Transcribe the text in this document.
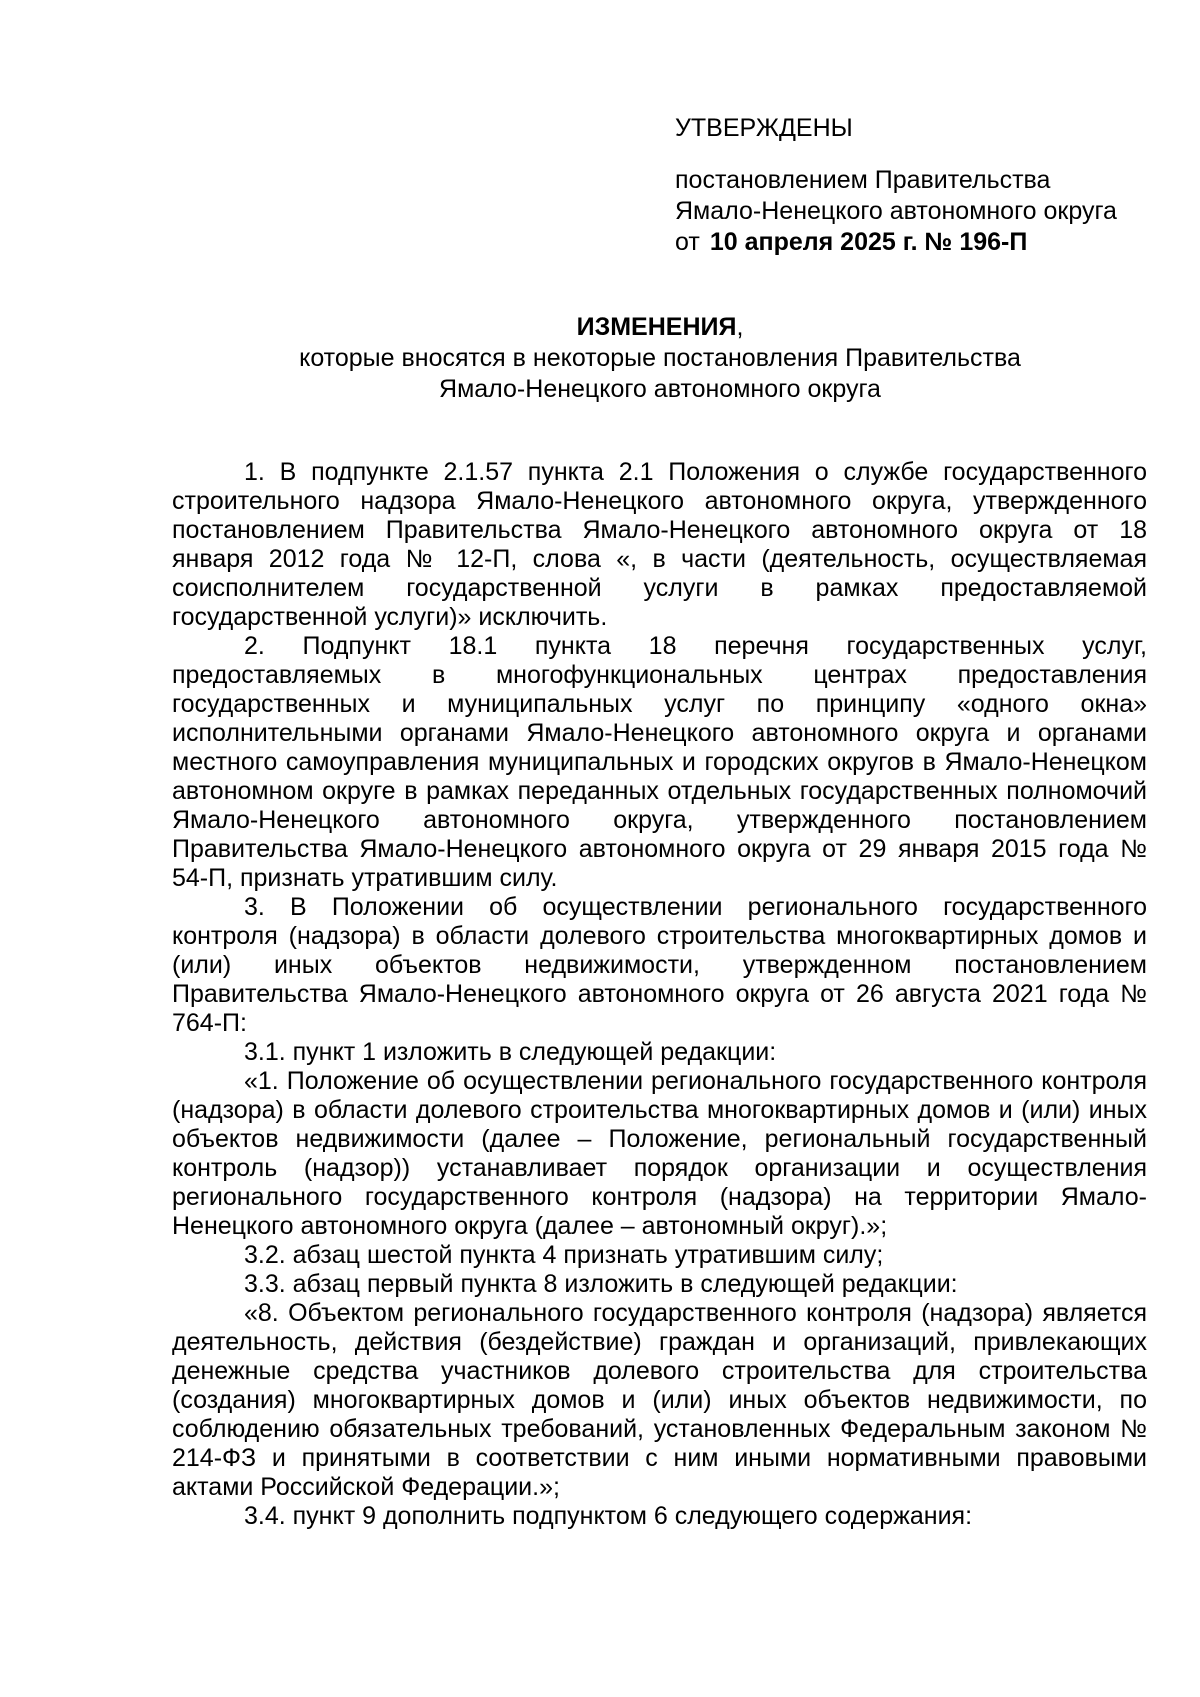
УТВЕРЖДЕНЫ

постановлением Правительства

Ямало-Ненецкого автономного округа

от 10 апреля 2025 г. № 196-П

ИЗМЕНЕНИЯ,

которые вносятся в некоторые постановления Правительства

Ямало-Ненецкого автономного округа

1. В подпункте 2.1.57 пункта 2.1 Положения о службе государственного строительного надзора Ямало-Ненецкого автономного округа, утвержденного постановлением Правительства Ямало-Ненецкого автономного округа от 18 января 2012 года № 12-П, слова «, в части (деятельность, осуществляемая соисполнителем государственной услуги в рамках предоставляемой государственной услуги)» исключить.

2. Подпункт 18.1 пункта 18 перечня государственных услуг, предоставляемых в многофункциональных центрах предоставления государственных и муниципальных услуг по принципу «одного окна» исполнительными органами Ямало-Ненецкого автономного округа и органами местного самоуправления муниципальных и городских округов в Ямало-Ненецком автономном округе в рамках переданных отдельных государственных полномочий Ямало-Ненецкого автономного округа, утвержденного постановлением Правительства Ямало-Ненецкого автономного округа от 29 января 2015 года № 54-П, признать утратившим силу.

3. В Положении об осуществлении регионального государственного контроля (надзора) в области долевого строительства многоквартирных домов и (или) иных объектов недвижимости, утвержденном постановлением Правительства Ямало-Ненецкого автономного округа от 26 августа 2021 года № 764-П:

3.1. пункт 1 изложить в следующей редакции:

«1. Положение об осуществлении регионального государственного контроля (надзора) в области долевого строительства многоквартирных домов и (или) иных объектов недвижимости (далее – Положение, региональный государственный контроль (надзор)) устанавливает порядок организации и осуществления регионального государственного контроля (надзора) на территории Ямало-Ненецкого автономного округа (далее – автономный округ).»;

3.2. абзац шестой пункта 4 признать утратившим силу;

3.3. абзац первый пункта 8 изложить в следующей редакции:

«8. Объектом регионального государственного контроля (надзора) является деятельность, действия (бездействие) граждан и организаций, привлекающих денежные средства участников долевого строительства для строительства (создания) многоквартирных домов и (или) иных объектов недвижимости, по соблюдению обязательных требований, установленных Федеральным законом № 214-ФЗ и принятыми в соответствии с ним иными нормативными правовыми актами Российской Федерации.»;

3.4. пункт 9 дополнить подпунктом 6 следующего содержания:
